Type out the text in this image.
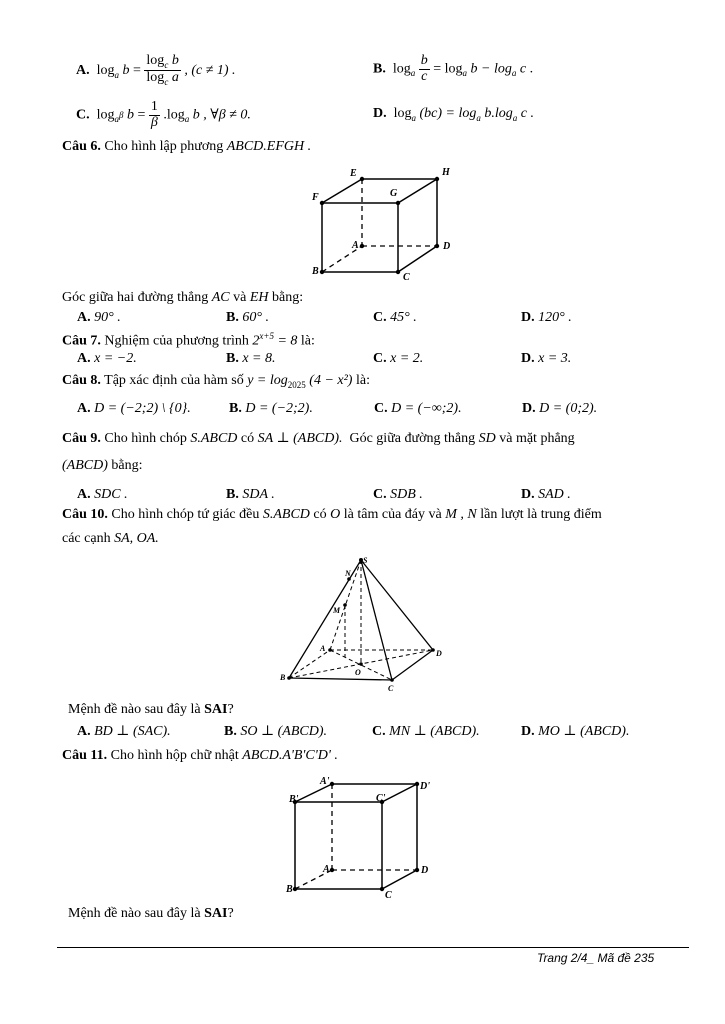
A. $\log_a b = \frac{\log_c b}{\log_c a}$ , (c ≠ 1) .	B. $\log_a \frac{b}{c} = \log_a b - \log_a c$ .
C. $\log_{a^\beta} b = \frac{1}{\beta} .\log_a$ b , ∀β ≠ 0.	D. $\log_a (bc) = \log_a b.\log_a$ c .
Câu 6. Cho hình lập phương ABCD.EFGH .
E	H
F	G
A	D
B
C
Góc giữa hai đường thẳng AC và EH bằng:
A. 90° .	B. 60° .	C. 45° .	D. 120° .
Câu 7. Nghiệm của phương trình $2^{x+5} = 8$ là:
A. x = −2.	B. x = 8.	C. x = 2.	D. x = 3.
Câu 8. Tập xác định của hàm số $y = \log_{2025} (4 - x^2)$ là:
A. D = (−2;2) \ {0}.	B. D = (−2;2).	C. D = (−∞;2).	D. D = (0;2).
Câu 9. Cho hình chóp S.ABCD có SA ⊥ (ABCD). Góc giữa đường thẳng SD và mặt phẳng
(ABCD) bằng:
A. SDC .	B. SDA .	C. SDB .	D. SAD .
Câu 10. Cho hình chóp tứ giác đều S.ABCD có O là tâm của đáy và M , N lần lượt là trung điểm
các cạnh SA, OA.
S
N
M
A
D
B
O
C
Mệnh đề nào sau đây là SAI?
A. BD ⊥ (SAC).	B. SO ⊥ (ABCD).	C. MN ⊥ (ABCD).	D. MO ⊥ (ABCD).
Câu 11. Cho hình hộp chữ nhật ABCD.A'B'C'D' .
A'	D'
B'	C'
A	D
B
C
Mệnh đề nào sau đây là SAI?
Trang 2/4_ Mã đề 235
